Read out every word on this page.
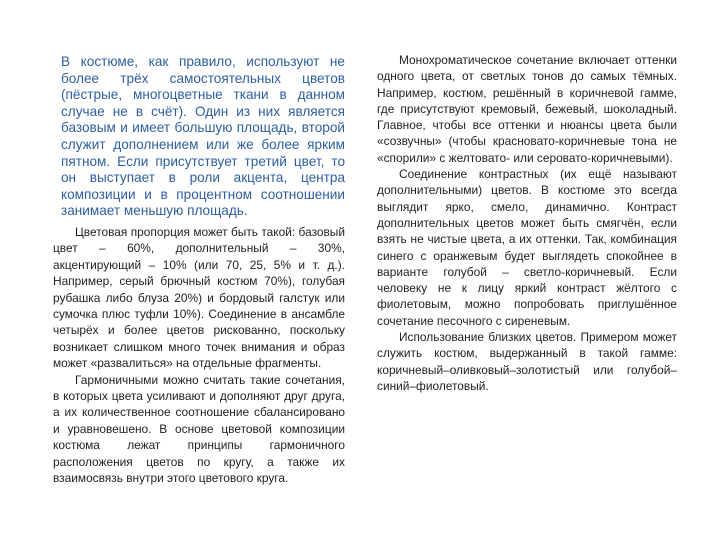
В костюме, как правило, используют не более трёх самостоятельных цветов (пёстрые, многоцветные ткани в данном случае не в счёт). Один из них является базовым и имеет большую площадь, второй служит дополнением или же более ярким пятном. Если присутствует третий цвет, то он выступает в роли акцента, центра композиции и в процентном соотношении занимает меньшую площадь.

Цветовая пропорция может быть такой: базовый цвет – 60%, дополнительный – 30%, акцентирующий – 10% (или 70, 25, 5% и т. д.). Например, серый брючный костюм 70%), голубая рубашка либо блуза 20%) и бордовый галстук или сумочка плюс туфли 10%). Соединение в ансамбле четырёх и более цветов рискованно, поскольку возникает слишком много точек внимания и образ может «развалиться» на отдельные фрагменты.

Гармоничными можно считать такие сочетания, в которых цвета усиливают и дополняют друг друга, а их количественное соотношение сбалансировано и уравновешено. В основе цветовой композиции костюма лежат принципы гармоничного расположения цветов по кругу, а также их взаимосвязь внутри этого цветового круга.

Монохроматическое сочетание включает оттенки одного цвета, от светлых тонов до самых тёмных. Например, костюм, решённый в коричневой гамме, где присутствуют кремовый, бежевый, шоколадный. Главное, чтобы все оттенки и нюансы цвета были «созвучны» (чтобы красновато-коричневые тона не «спорили» с желтовато- или серовато-коричневыми).

Соединение контрастных (их ещё называют дополнительными) цветов. В костюме это всегда выглядит ярко, смело, динамично. Контраст дополнительных цветов может быть смягчён, если взять не чистые цвета, а их оттенки. Так, комбинация синего с оранжевым будет выглядеть спокойнее в варианте голубой – светло-коричневый. Если человеку не к лицу яркий контраст жёлтого с фиолетовым, можно попробовать приглушённое сочетание песочного с сиреневым.

Использование близких цветов. Примером может служить костюм, выдержанный в такой гамме: коричневый–оливковый–золотистый или голубой–синий–фиолетовый.
